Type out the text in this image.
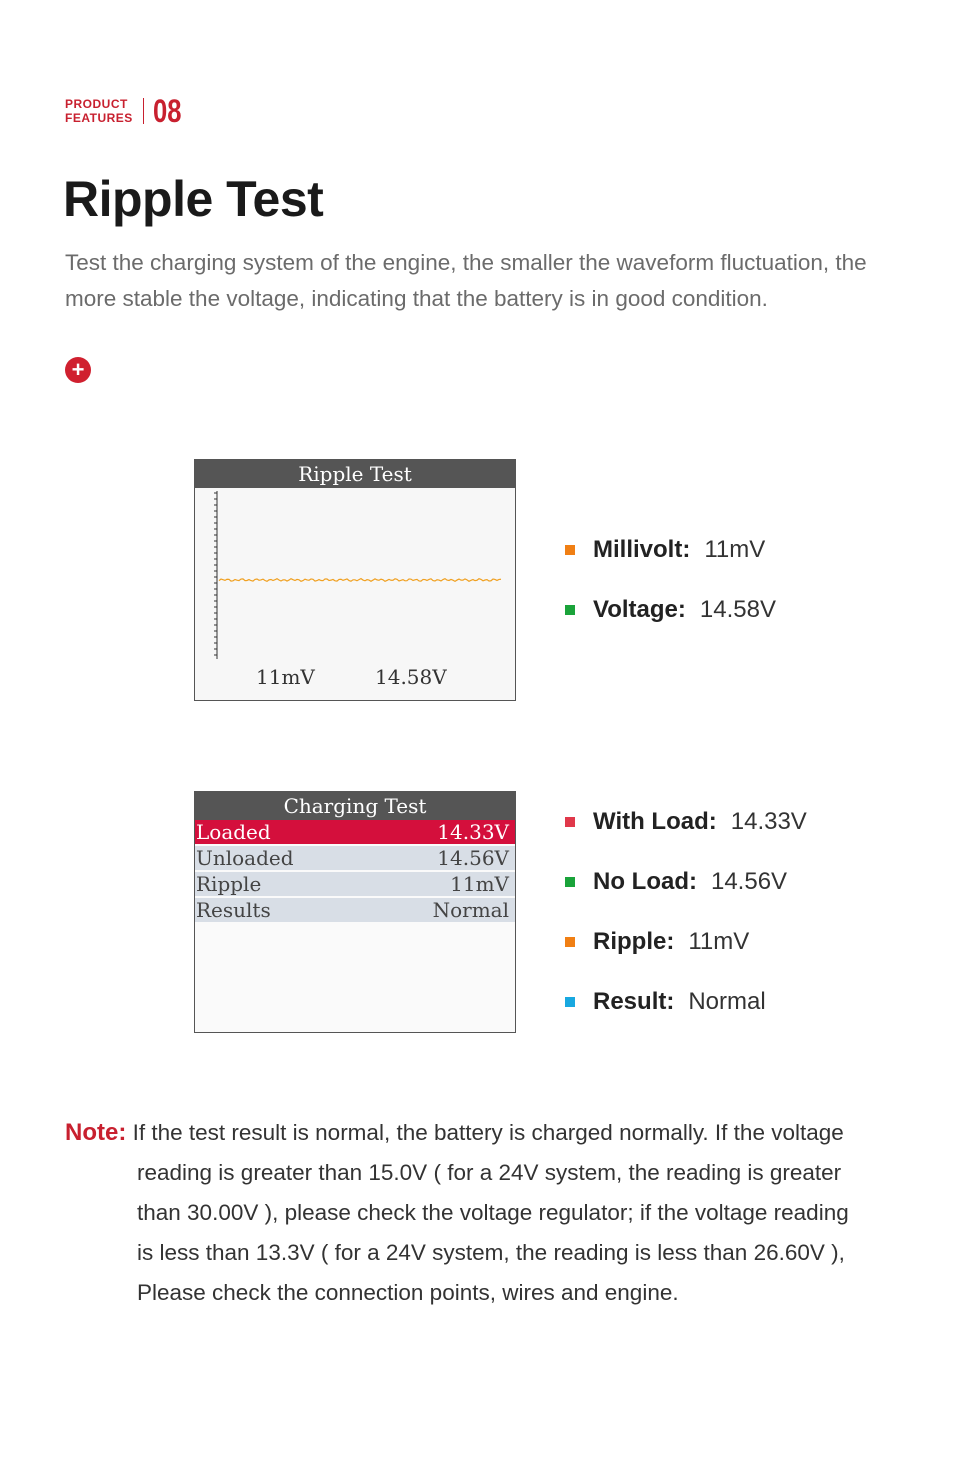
PRODUCT
FEATURES 08
Ripple Test

Test the charging system of the engine, the smaller the waveform fluctuation, the more stable the voltage, indicating that the battery is in good condition.

+
Ripple Test
11mV	14.58V
Millivolt: 11mV
Voltage: 14.58V
Charging Test
Loaded	14.33V
Unloaded	14.56V
Ripple	11mV
Results	Normal
With Load: 14.33V
No Load: 14.56V
Ripple: 11mV
Result: Normal
Note: If the test result is normal, the battery is charged normally. If the voltage
reading is greater than 15.0V ( for a 24V system, the reading is greater
than 30.00V ), please check the voltage regulator; if the voltage reading
is less than 13.3V ( for a 24V system, the reading is less than 26.60V ),
Please check the connection points, wires and engine.
